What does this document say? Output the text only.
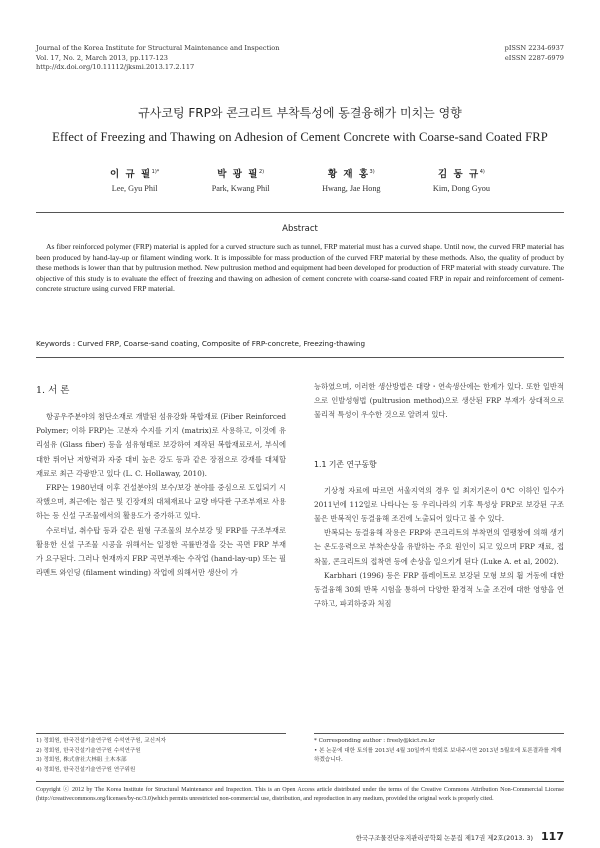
Journal of the Korea Institute for Structural Maintenance and Inspection
Vol. 17, No. 2, March 2013, pp.117-123
http://dx.doi.org/10.11112/jksmi.2013.17.2.117
pISSN 2234-6937
eISSN 2287-6979
규사코팅 FRP와 콘크리트 부착특성에 동결융해가 미치는 영향
Effect of Freezing and Thawing on Adhesion of Cement Concrete with Coarse-sand Coated FRP
이 규 필$^{1)*}$
Lee, Gyu Phil
박 광 필$^{2)}$
Park, Kwang Phil
황 재 홍$^{3)}$
Hwang, Jae Hong
김 동 규$^{4)}$
Kim, Dong Gyou
Abstract

As fiber reinforced polymer (FRP) material is appled for a curved structure such as tunnel, FRP material must has a curved shape. Until now, the curved FRP material has been produced by hand-lay-up or filament winding work. It is impossible for mass production of the curved FRP material by these methods. Also, the quality of product by these methods is lower than that by pultrusion method. New pultrusion method and equipment had been developed for production of FRP material with steady curvature. The objective of this study is to evaluate the effect of freezing and thawing on adhesion of cement concrete with coarse-sand coated FRP in repair and reinforcement of cement-concrete structure using curved FRP material.

Keywords : Curved FRP, Coarse-sand coating, Composite of FRP-concrete, Freezing-thawing
1. 서 론

항공우주분야의 첨단소재로 개발된 섬유강화 복합재료 (Fiber Reinforced Polymer; 이하 FRP)는 고분자 수지를 기지 (matrix)로 사용하고, 이것에 유리섬유 (Glass fiber) 등을 섬유형태로 보강하여 제작된 복합재료로서, 부식에 대한 뛰어난 저항력과 자중 대비 높은 강도 등과 같은 장점으로 강재를 대체할 재료로 최근 각광받고 있다 (L. C. Hollaway, 2010).

FRP는 1980년대 이후 건설분야의 보수/보강 분야를 중심으로 도입되기 시작했으며, 최근에는 철근 및 긴장재의 대체재료나 교량 바닥판 구조부재로 사용하는 등 신설 구조물에서의 활용도가 증가하고 있다.

수로터널, 취수탑 등과 같은 원형 구조물의 보수보강 및 FRP를 구조부재로 활용한 신설 구조물 시공을 위해서는 일정한 곡률반경을 갖는 곡면 FRP 부재가 요구된다. 그러나 현재까지 FRP 곡면부재는 수작업 (hand-lay-up) 또는 필라멘트 와인딩 (filament winding) 작업에 의해서만 생산이 가

능하였으며, 이러한 생산방법은 대량・연속생산에는 한계가 있다. 또한 일반적으로 인발성형법 (pultrusion method)으로 생산된 FRP 부재가 상대적으로 물리적 특성이 우수한 것으로 알려져 있다.

1.1 기존 연구동향

기상청 자료에 따르면 서울지역의 경우 일 최저기온이 0℃ 이하인 일수가 2011년에 112일로 나타나는 등 우리나라의 기후 특성상 FRP로 보강된 구조물은 반복적인 동결융해 조건에 노출되어 있다고 볼 수 있다.

반복되는 동결융해 작용은 FRP와 콘크리트의 부착면의 열팽창에 의해 생기는 온도응력으로 부착손상을 유발하는 주요 원인이 되고 있으며 FRP 재료, 접착물, 콘크리트의 접착면 등에 손상을 일으키게 된다 (Luke A. et al, 2002).

Karbhari (1996) 등은 FRP 플레이트로 보강된 모형 보의 휨 거동에 대한 동결융해 30회 반복 시험을 통하여 다양한 환경적 노출 조건에 대한 영향을 연구하고, 파괴하중과 처짐

1) 정회원, 한국건설기술연구원 수석연구원, 교신저자
2) 정회원, 한국건설기술연구원 수석연구원
3) 정회원, 株式會社大林組 土木本部
4) 정회원, 한국건설기술연구원 연구위원
* Corresponding author : freely@kict.re.kr
• 본 논문에 대한 토의를 2013년 4월 30일까지 학회로 보내주시면 2013년 5월호에 토론결과를 게재하겠습니다.

Copyright ⓒ 2012 by The Korea Institute for Structural Maintenance and Inspection. This is an Open Access article distributed under the terms of the Creative Commons Attribution Non-Commercial License (http://creativecommons.org/licenses/by-nc/3.0)which permits unrestricted non-commercial use, distribution, and reproduction in any medium, provided the original work is properly cited.

한국구조물진단유지관리공학회 논문집 제17권 제2호(2013. 3) 117
